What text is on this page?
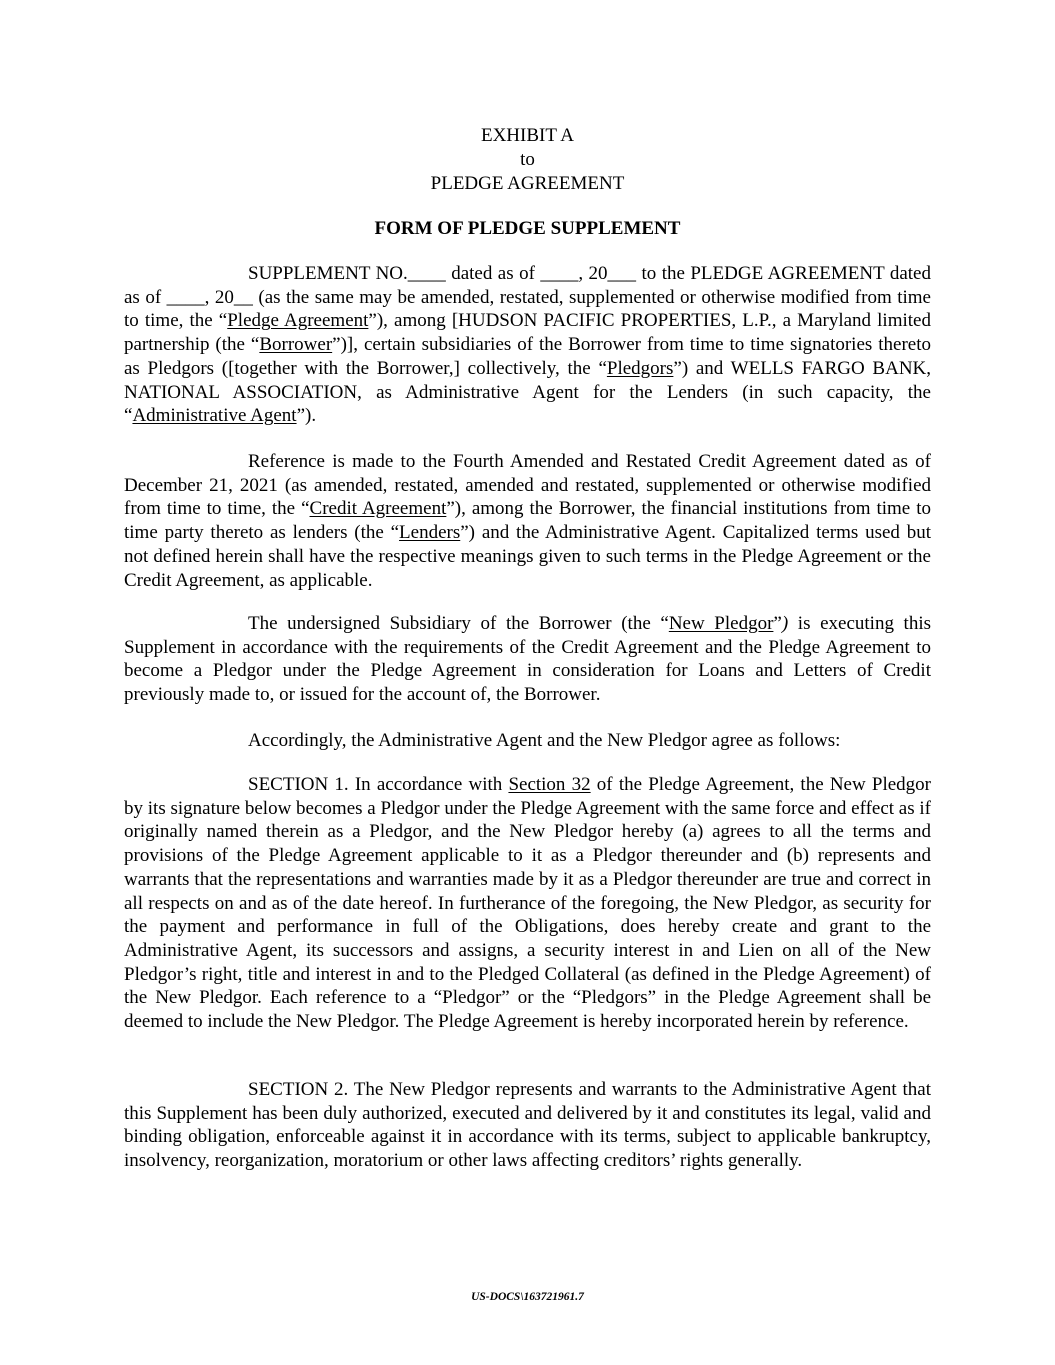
EXHIBIT A
to
PLEDGE AGREEMENT
FORM OF PLEDGE SUPPLEMENT

SUPPLEMENT NO.____ dated as of ____, 20___ to the PLEDGE AGREEMENT dated as of ____, 20__ (as the same may be amended, restated, supplemented or otherwise modified from time to time, the “Pledge Agreement”), among [HUDSON PACIFIC PROPERTIES, L.P., a Maryland limited partnership (the “Borrower”)], certain subsidiaries of the Borrower from time to time signatories thereto as Pledgors ([together with the Borrower,] collectively, the “Pledgors”) and WELLS FARGO BANK, NATIONAL ASSOCIATION, as Administrative Agent for the Lenders (in such capacity, the “Administrative Agent”).

Reference is made to the Fourth Amended and Restated Credit Agreement dated as of December 21, 2021 (as amended, restated, amended and restated, supplemented or otherwise modified from time to time, the “Credit Agreement”), among the Borrower, the financial institutions from time to time party thereto as lenders (the “Lenders”) and the Administrative Agent. Capitalized terms used but not defined herein shall have the respective meanings given to such terms in the Pledge Agreement or the Credit Agreement, as applicable.

The undersigned Subsidiary of the Borrower (the “New Pledgor”) is executing this Supplement in accordance with the requirements of the Credit Agreement and the Pledge Agreement to become a Pledgor under the Pledge Agreement in consideration for Loans and Letters of Credit previously made to, or issued for the account of, the Borrower.

Accordingly, the Administrative Agent and the New Pledgor agree as follows:

SECTION 1. In accordance with Section 32 of the Pledge Agreement, the New Pledgor by its signature below becomes a Pledgor under the Pledge Agreement with the same force and effect as if originally named therein as a Pledgor, and the New Pledgor hereby (a) agrees to all the terms and provisions of the Pledge Agreement applicable to it as a Pledgor thereunder and (b) represents and warrants that the representations and warranties made by it as a Pledgor thereunder are true and correct in all respects on and as of the date hereof. In furtherance of the foregoing, the New Pledgor, as security for the payment and performance in full of the Obligations, does hereby create and grant to the Administrative Agent, its successors and assigns, a security interest in and Lien on all of the New Pledgor’s right, title and interest in and to the Pledged Collateral (as defined in the Pledge Agreement) of the New Pledgor. Each reference to a “Pledgor” or the “Pledgors” in the Pledge Agreement shall be deemed to include the New Pledgor. The Pledge Agreement is hereby incorporated herein by reference.

SECTION 2. The New Pledgor represents and warrants to the Administrative Agent that this Supplement has been duly authorized, executed and delivered by it and constitutes its legal, valid and binding obligation, enforceable against it in accordance with its terms, subject to applicable bankruptcy, insolvency, reorganization, moratorium or other laws affecting creditors’ rights generally.

US-DOCS\163721961.7
